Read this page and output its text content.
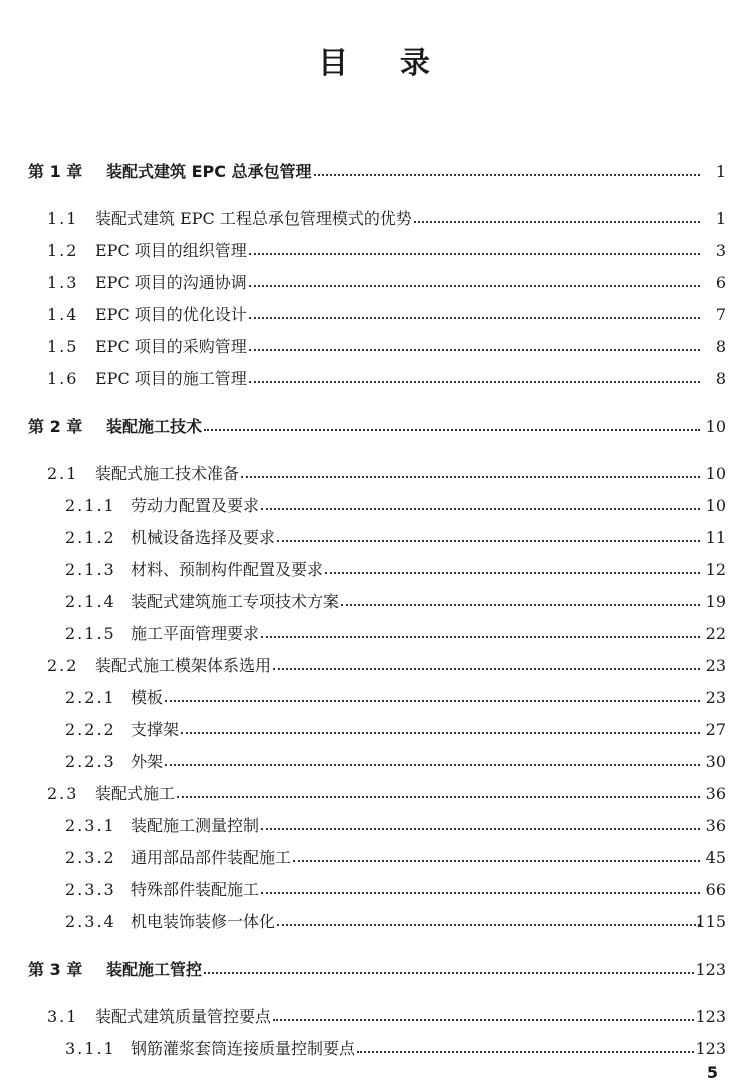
目    录
第 1 章 装配式建筑 EPC 总承包管理	1
1.1 装配式建筑 EPC 工程总承包管理模式的优势	1
1.2 EPC 项目的组织管理	3
1.3 EPC 项目的沟通协调	6
1.4 EPC 项目的优化设计	7
1.5 EPC 项目的采购管理	8
1.6 EPC 项目的施工管理	8
第 2 章 装配施工技术	10
2.1 装配式施工技术准备	10
2.1.1 劳动力配置及要求	10
2.1.2 机械设备选择及要求	11
2.1.3 材料、预制构件配置及要求	12
2.1.4 装配式建筑施工专项技术方案	19
2.1.5 施工平面管理要求	22
2.2 装配式施工模架体系选用	23
2.2.1 模板	23
2.2.2 支撑架	27
2.2.3 外架	30
2.3 装配式施工	36
2.3.1 装配施工测量控制	36
2.3.2 通用部品部件装配施工	45
2.3.3 特殊部件装配施工	66
2.3.4 机电装饰装修一体化	115
第 3 章 装配施工管控	123
3.1 装配式建筑质量管控要点	123
3.1.1 钢筋灌浆套筒连接质量控制要点	123
5
